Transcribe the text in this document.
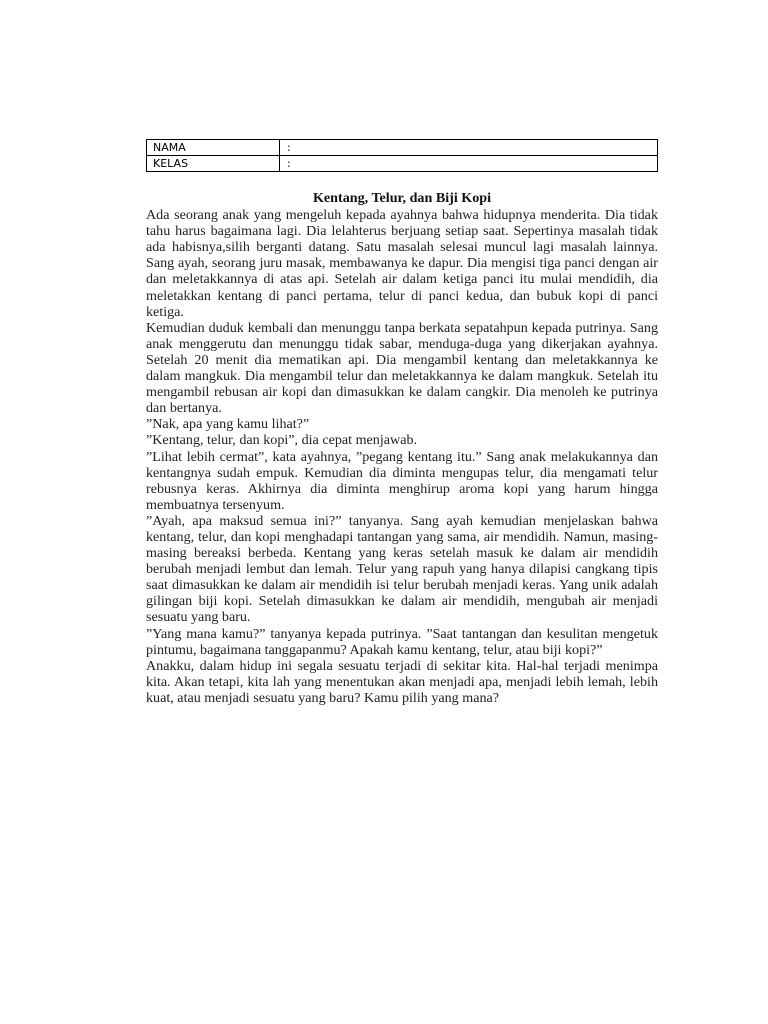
NAMA	:
KELAS	:

Kentang, Telur, dan Biji Kopi

Ada seorang anak yang mengeluh kepada ayahnya bahwa hidupnya menderita. Dia tidak tahu harus bagaimana lagi. Dia lelahterus berjuang setiap saat. Sepertinya masalah tidak ada habisnya,silih berganti datang. Satu masalah selesai muncul lagi masalah lainnya. Sang ayah, seorang juru masak, membawanya ke dapur. Dia mengisi tiga panci dengan air dan meletakkannya di atas api. Setelah air dalam ketiga panci itu mulai mendidih, dia meletakkan kentang di panci pertama, telur di panci kedua, dan bubuk kopi di panci ketiga.

Kemudian duduk kembali dan menunggu tanpa berkata sepatahpun kepada putrinya. Sang anak menggerutu dan menunggu tidak sabar, menduga-duga yang dikerjakan ayahnya. Setelah 20 menit dia mematikan api. Dia mengambil kentang dan meletakkannya ke dalam mangkuk. Dia mengambil telur dan meletakkannya ke dalam mangkuk. Setelah itu mengambil rebusan air kopi dan dimasukkan ke dalam cangkir. Dia menoleh ke putrinya dan bertanya.

”Nak, apa yang kamu lihat?”

”Kentang, telur, dan kopi”, dia cepat menjawab.

”Lihat lebih cermat”, kata ayahnya, ”pegang kentang itu.” Sang anak melakukannya dan kentangnya sudah empuk. Kemudian dia diminta mengupas telur, dia mengamati telur rebusnya keras. Akhirnya dia diminta menghirup aroma kopi yang harum hingga membuatnya tersenyum.

”Ayah, apa maksud semua ini?” tanyanya. Sang ayah kemudian menjelaskan bahwa kentang, telur, dan kopi menghadapi tantangan yang sama, air mendidih. Namun, masing-masing bereaksi berbeda. Kentang yang keras setelah masuk ke dalam air mendidih berubah menjadi lembut dan lemah. Telur yang rapuh yang hanya dilapisi cangkang tipis saat dimasukkan ke dalam air mendidih isi telur berubah menjadi keras. Yang unik adalah gilingan biji kopi. Setelah dimasukkan ke dalam air mendidih, mengubah air menjadi sesuatu yang baru.

”Yang mana kamu?” tanyanya kepada putrinya. ”Saat tantangan dan kesulitan mengetuk pintumu, bagaimana tanggapanmu? Apakah kamu kentang, telur, atau biji kopi?”

Anakku, dalam hidup ini segala sesuatu terjadi di sekitar kita. Hal-hal terjadi menimpa kita. Akan tetapi, kita lah yang menentukan akan menjadi apa, menjadi lebih lemah, lebih kuat, atau menjadi sesuatu yang baru? Kamu pilih yang mana?
